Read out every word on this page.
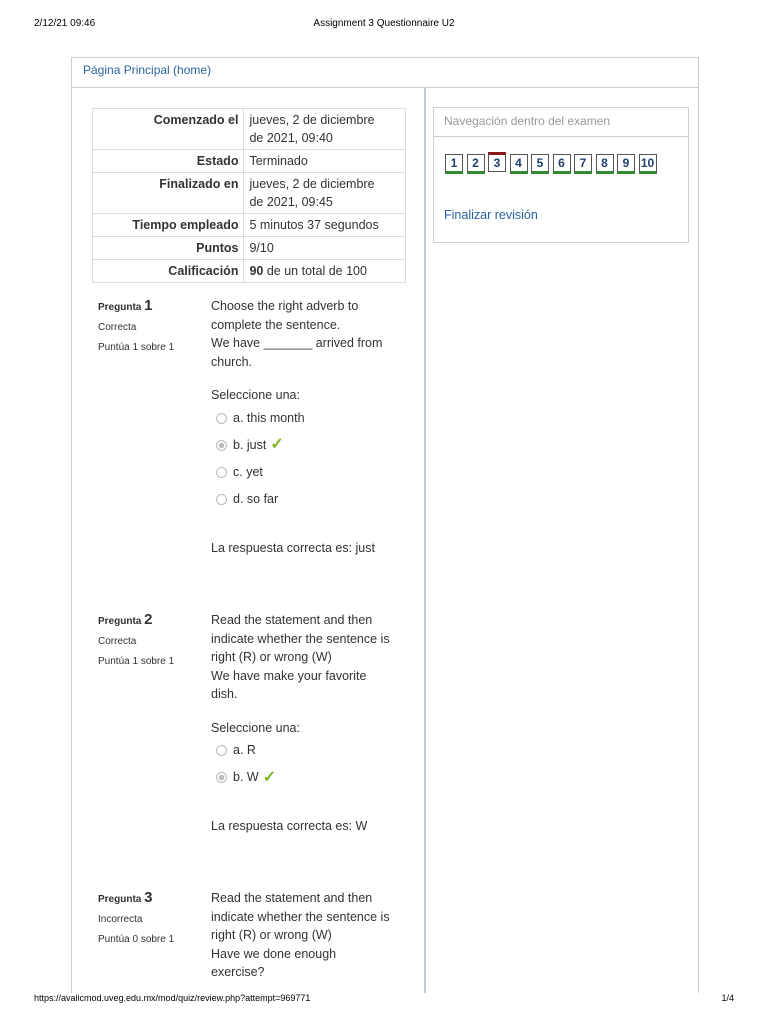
2/12/21 09:46	Assignment 3 Questionnaire U2
Página Principal (home)
Comenzado el	jueves, 2 de diciembre
de 2021, 09:40
Estado	Terminado
Finalizado en	jueves, 2 de diciembre
de 2021, 09:45
Tiempo empleado	5 minutos 37 segundos
Puntos	9/10
Calificación	90 de un total de 100
Pregunta 1
Correcta
Puntúa 1 sobre 1
Choose the right adverb to
complete the sentence.
We have _______ arrived from
church.
Seleccione una:
a. this month
b. just ✓
c. yet
d. so far
La respuesta correcta es: just
Pregunta 2
Correcta
Puntúa 1 sobre 1
Read the statement and then
indicate whether the sentence is
right (R) or wrong (W)
We have make your favorite
dish.
Seleccione una:
a. R
b. W ✓
La respuesta correcta es: W
Pregunta 3
Incorrecta
Puntúa 0 sobre 1
Read the statement and then
indicate whether the sentence is
right (R) or wrong (W)
Have we done enough
exercise?
Navegación dentro del examen
1 2 3 4 5 6 7 8 9 10
Finalizar revisión
https://avalicmod.uveg.edu.mx/mod/quiz/review.php?attempt=969771	1/4
